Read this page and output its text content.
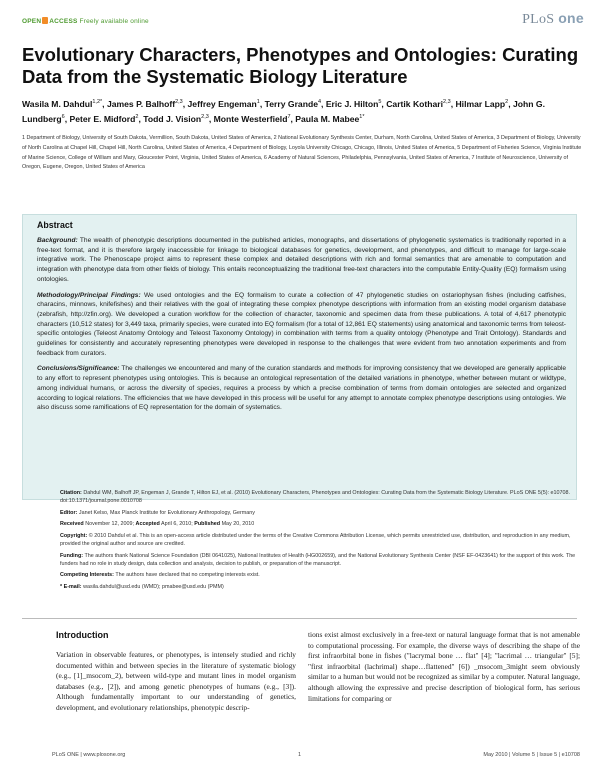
OPEN ACCESS Freely available online	PLoS one
Evolutionary Characters, Phenotypes and Ontologies: Curating Data from the Systematic Biology Literature
Wasila M. Dahdul$^{1,2*}$, James P. Balhoff$^{2,3}$, Jeffrey Engeman$^1$, Terry Grande$^4$, Eric J. Hilton$^5$, Cartik Kothari$^{2,3}$, Hilmar Lapp$^2$, John G. Lundberg$^6$, Peter E. Midford$^2$, Todd J. Vision$^{2,3}$, Monte Westerfield$^7$, Paula M. Mabee$^{1*}$
1 Department of Biology, University of South Dakota, Vermillion, South Dakota, United States of America, 2 National Evolutionary Synthesis Center, Durham, North Carolina, United States of America, 3 Department of Biology, University of North Carolina at Chapel Hill, Chapel Hill, North Carolina, United States of America, 4 Department of Biology, Loyola University Chicago, Chicago, Illinois, United States of America, 5 Department of Fisheries Science, Virginia Institute of Marine Science, College of William and Mary, Gloucester Point, Virginia, United States of America, 6 Academy of Natural Sciences, Philadelphia, Pennsylvania, United States of America, 7 Institute of Neuroscience, University of Oregon, Eugene, Oregon, United States of America
Abstract

Background: The wealth of phenotypic descriptions documented in the published articles, monographs, and dissertations of phylogenetic systematics is traditionally reported in a free-text format, and it is therefore largely inaccessible for linkage to biological databases for genetics, development, and phenotypes, and difficult to manage for large-scale integrative work. The Phenoscape project aims to represent these complex and detailed descriptions with rich and formal semantics that are amenable to computation and integration with phenotype data from other fields of biology. This entails reconceptualizing the traditional free-text characters into the computable Entity-Quality (EQ) formalism using ontologies.

Methodology/Principal Findings: We used ontologies and the EQ formalism to curate a collection of 47 phylogenetic studies on ostariophysan fishes (including catfishes, characins, minnows, knifefishes) and their relatives with the goal of integrating these complex phenotype descriptions with information from an existing model organism database (zebrafish, http://zfin.org). We developed a curation workflow for the collection of character, taxonomic and specimen data from these publications. A total of 4,617 phenotypic characters (10,512 states) for 3,449 taxa, primarily species, were curated into EQ formalism (for a total of 12,861 EQ statements) using anatomical and taxonomic terms from teleost-specific ontologies (Teleost Anatomy Ontology and Teleost Taxonomy Ontology) in combination with terms from a quality ontology (Phenotype and Trait Ontology). Standards and guidelines for consistently and accurately representing phenotypes were developed in response to the challenges that were evident from two annotation experiments and from feedback from curators.

Conclusions/Significance: The challenges we encountered and many of the curation standards and methods for improving consistency that we developed are generally applicable to any effort to represent phenotypes using ontologies. This is because an ontological representation of the detailed variations in phenotype, whether between mutant or wildtype, among individual humans, or across the diversity of species, requires a process by which a precise combination of terms from domain ontologies are selected and organized according to logical relations. The efficiencies that we have developed in this process will be useful for any attempt to annotate complex phenotype descriptions using ontologies. We also discuss some ramifications of EQ representation for the domain of systematics.

Citation: Dahdul WM, Balhoff JP, Engeman J, Grande T, Hilton EJ, et al. (2010) Evolutionary Characters, Phenotypes and Ontologies: Curating Data from the Systematic Biology Literature. PLoS ONE 5(5): e10708. doi:10.1371/journal.pone.0010708
Editor: Janet Kelso, Max Planck Institute for Evolutionary Anthropology, Germany
Received November 12, 2009; Accepted April 6, 2010; Published May 20, 2010
Copyright: © 2010 Dahdul et al. This is an open-access article distributed under the terms of the Creative Commons Attribution License, which permits unrestricted use, distribution, and reproduction in any medium, provided the original author and source are credited.
Funding: The authors thank National Science Foundation (DBI 0641025), National Institutes of Health (HG002659), and the National Evolutionary Synthesis Center (NSF EF-0423641) for the support of this work. The funders had no role in study design, data collection and analysis, decision to publish, or preparation of the manuscript.
Competing Interests: The authors have declared that no competing interests exist.
* E-mail: wasila.dahdul@usd.edu (WMD); pmabee@usd.edu (PMM)
Introduction

Variation in observable features, or phenotypes, is intensely studied and richly documented within and between species in the literature of systematic biology (e.g., [1]_msocom_2), between wild-type and mutant lines in model organism databases (e.g., [2]), and among genetic phenotypes of humans (e.g., [3]). Although fundamentally important to our understanding of genetics, development, and evolutionary relationships, phenotypic descrip-

tions exist almost exclusively in a free-text or natural language format that is not amenable to computational processing. For example, the diverse ways of describing the shape of the first infraorbital bone in fishes ("lacrymal bone … flat" [4]; "lacrimal … triangular" [5]; "first infraorbital (lachrimal) shape…flattened" [6]) _msocom_3might seem obviously similar to a human but would not be recognized as similar by a computer. Natural language, although allowing the expressive and precise description of biological form, has serious limitations for comparing or

PLoS ONE | www.plosone.org	1	May 2010 | Volume 5 | Issue 5 | e10708
